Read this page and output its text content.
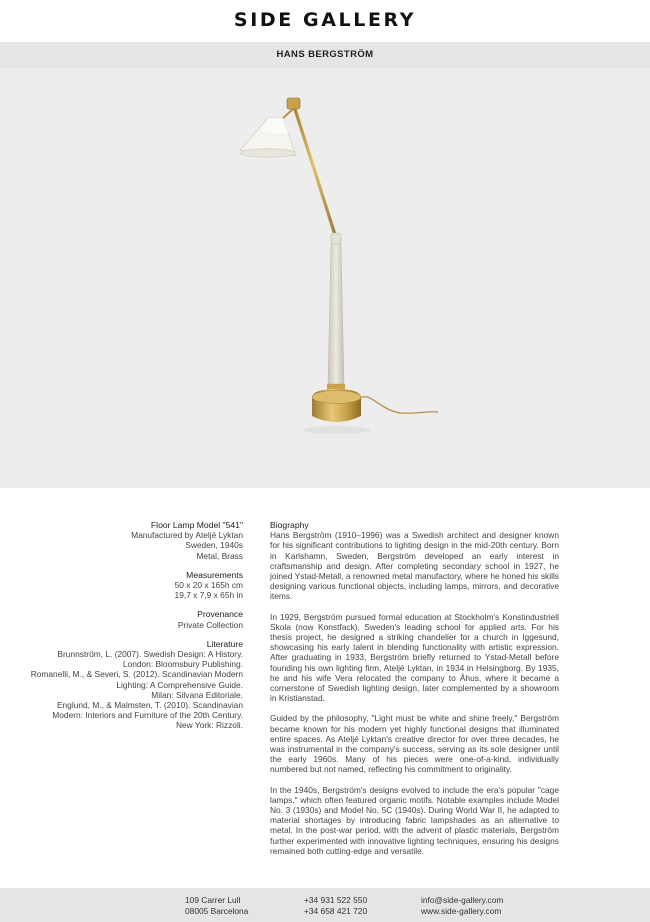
SIDE GALLERY
HANS BERGSTRÖM
Floor Lamp Model "541"
Manufactured by Ateljé Lyktan
Sweden, 1940s
Metal, Brass
Measurements
50 x 20 x 165h cm
19,7 x 7,9 x 65h in
Provenance
Private Collection
Literature
Brunnström, L. (2007). Swedish Design: A History.
London: Bloomsbury Publishing.
Romanelli, M., & Severi, S. (2012). Scandinavian Modern
Lighting: A Comprehensive Guide.
Milan: Silvana Editoriale.
Englund, M., & Malmsten, T. (2010). Scandinavian
Modern: Interiors and Furniture of the 20th Century.
New York: Rizzoli.
Biography

Hans Bergström (1910–1996) was a Swedish architect and designer known for his significant contributions to lighting design in the mid-20th century. Born in Karlshamn, Sweden, Bergström developed an early interest in craftsmanship and design. After completing secondary school in 1927, he joined Ystad-Metall, a renowned metal manufactory, where he honed his skills designing various functional objects, including lamps, mirrors, and decorative items.

In 1929, Bergström pursued formal education at Stockholm's Konstindustriell Skola (now Konstfack), Sweden's leading school for applied arts. For his thesis project, he designed a striking chandelier for a church in Iggesund, showcasing his early talent in blending functionality with artistic expression. After graduating in 1933, Bergström briefly returned to Ystad-Metall before founding his own lighting firm, Ateljé Lyktan, in 1934 in Helsingborg. By 1935, he and his wife Vera relocated the company to Åhus, where it became a cornerstone of Swedish lighting design, later complemented by a showroom in Kristianstad.

Guided by the philosophy, "Light must be white and shine freely," Bergström became known for his modern yet highly functional designs that illuminated entire spaces. As Ateljé Lyktan's creative director for over three decades, he was instrumental in the company's success, serving as its sole designer until the early 1960s. Many of his pieces were one-of-a-kind, individually numbered but not named, reflecting his commitment to originality.

In the 1940s, Bergström's designs evolved to include the era's popular "cage lamps," which often featured organic motifs. Notable examples include Model No. 3 (1930s) and Model No. 5C (1940s). During World War II, he adapted to material shortages by introducing fabric lampshades as an alternative to metal. In the post-war period, with the advent of plastic materials, Bergström further experimented with innovative lighting techniques, ensuring his designs remained both cutting-edge and versatile.

109 Carrer Lull
08005 Barcelona
+34 931 522 550
+34 658 421 720
info@side-gallery.com
www.side-gallery.com
